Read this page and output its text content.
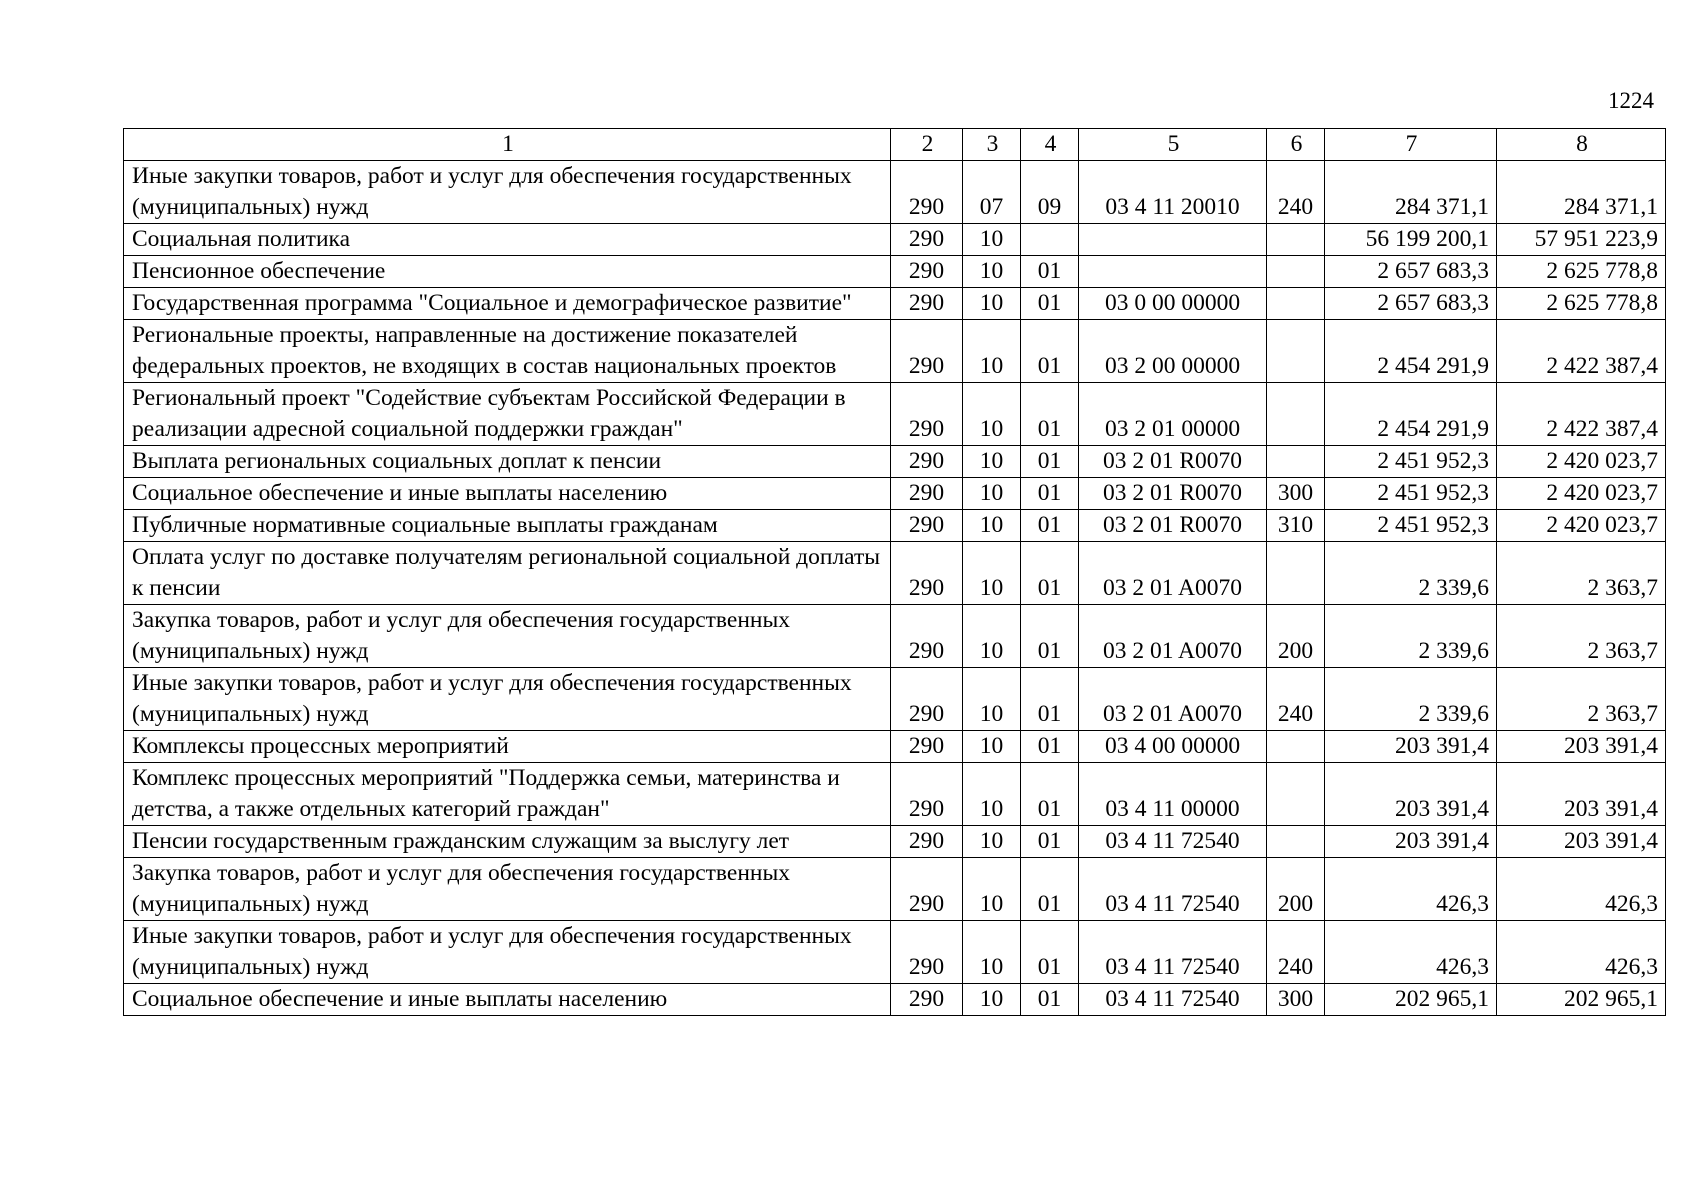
1224
1	2	3	4	5	6	7	8
Иные закупки товаров, работ и услуг для обеспечения государственных (муниципальных) нужд	290	07	09	03 4 11 20010	240	284 371,1	284 371,1
Социальная политика	290	10				56 199 200,1	57 951 223,9
Пенсионное обеспечение	290	10	01			2 657 683,3	2 625 778,8
Государственная программа "Социальное и демографическое развитие"	290	10	01	03 0 00 00000		2 657 683,3	2 625 778,8
Региональные проекты, направленные на достижение показателей федеральных проектов, не входящих в состав национальных проектов	290	10	01	03 2 00 00000		2 454 291,9	2 422 387,4
Региональный проект "Содействие субъектам Российской Федерации в реализации адресной социальной поддержки граждан"	290	10	01	03 2 01 00000		2 454 291,9	2 422 387,4
Выплата региональных социальных доплат к пенсии	290	10	01	03 2 01 R0070		2 451 952,3	2 420 023,7
Социальное обеспечение и иные выплаты населению	290	10	01	03 2 01 R0070	300	2 451 952,3	2 420 023,7
Публичные нормативные социальные выплаты гражданам	290	10	01	03 2 01 R0070	310	2 451 952,3	2 420 023,7
Оплата услуг по доставке получателям региональной социальной доплаты к пенсии	290	10	01	03 2 01 A0070		2 339,6	2 363,7
Закупка товаров, работ и услуг для обеспечения государственных (муниципальных) нужд	290	10	01	03 2 01 A0070	200	2 339,6	2 363,7
Иные закупки товаров, работ и услуг для обеспечения государственных (муниципальных) нужд	290	10	01	03 2 01 A0070	240	2 339,6	2 363,7
Комплексы процессных мероприятий	290	10	01	03 4 00 00000		203 391,4	203 391,4
Комплекс процессных мероприятий "Поддержка семьи, материнства и детства, а также отдельных категорий граждан"	290	10	01	03 4 11 00000		203 391,4	203 391,4
Пенсии государственным гражданским служащим за выслугу лет	290	10	01	03 4 11 72540		203 391,4	203 391,4
Закупка товаров, работ и услуг для обеспечения государственных (муниципальных) нужд	290	10	01	03 4 11 72540	200	426,3	426,3
Иные закупки товаров, работ и услуг для обеспечения государственных (муниципальных) нужд	290	10	01	03 4 11 72540	240	426,3	426,3
Социальное обеспечение и иные выплаты населению	290	10	01	03 4 11 72540	300	202 965,1	202 965,1
